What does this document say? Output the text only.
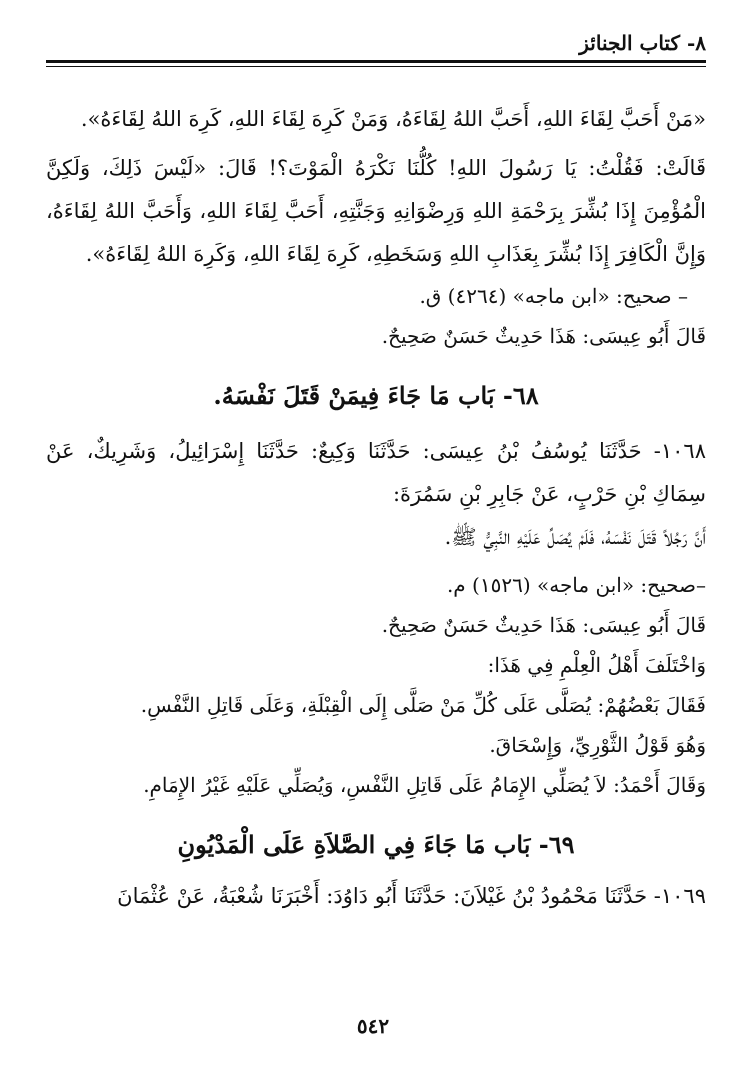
٨- كتاب الجنائز

«مَنْ أَحَبَّ لِقَاءَ اللهِ، أَحَبَّ اللهُ لِقَاءَهُ، وَمَنْ كَرِهَ لِقَاءَ اللهِ، كَرِهَ اللهُ لِقَاءَهُ».

قَالَتْ: فَقُلْتُ: يَا رَسُولَ اللهِ! كُلُّنَا نَكْرَهُ الْمَوْتَ؟! قَالَ: «لَيْسَ ذَلِكَ، وَلَكِنَّ الْمُؤْمِنَ إِذَا بُشِّرَ بِرَحْمَةِ اللهِ وَرِضْوَانِهِ وَجَنَّتِهِ، أَحَبَّ لِقَاءَ اللهِ، وَأَحَبَّ اللهُ لِقَاءَهُ، وَإِنَّ الْكَافِرَ إِذَا بُشِّرَ بِعَذَابِ اللهِ وَسَخَطِهِ، كَرِهَ لِقَاءَ اللهِ، وَكَرِهَ اللهُ لِقَاءَهُ».

– صحيح: «ابن ماجه» (٤٢٦٤) ق.

قَالَ أَبُو عِيسَى: هَذَا حَدِيثٌ حَسَنٌ صَحِيحٌ.

٦٨- بَاب مَا جَاءَ فِيمَنْ قَتَلَ نَفْسَهُ.

١٠٦٨- حَدَّثَنَا يُوسُفُ بْنُ عِيسَى: حَدَّثَنَا وَكِيعٌ: حَدَّثَنَا إِسْرَائِيلُ، وَشَرِيكٌ، عَنْ سِمَاكِ بْنِ حَرْبٍ، عَنْ جَابِرِ بْنِ سَمُرَةَ:

أَنَّ رَجُلاً قَتَلَ نَفْسَهُ، فَلَمْ يُصَلِّ عَلَيْهِ النَّبِيُّ ﷺ.

–صحيح: «ابن ماجه» (١٥٢٦) م.

قَالَ أَبُو عِيسَى: هَذَا حَدِيثٌ حَسَنٌ صَحِيحٌ.

وَاخْتَلَفَ أَهْلُ الْعِلْمِ فِي هَذَا:

فَقَالَ بَعْضُهُمْ: يُصَلَّى عَلَى كُلِّ مَنْ صَلَّى إِلَى الْقِبْلَةِ، وَعَلَى قَاتِلِ النَّفْسِ.

وَهُوَ قَوْلُ الثَّوْرِيِّ، وَإِسْحَاقَ.

وَقَالَ أَحْمَدُ: لاَ يُصَلِّي الإِمَامُ عَلَى قَاتِلِ النَّفْسِ، وَيُصَلِّي عَلَيْهِ غَيْرُ الإِمَامِ.

٦٩- بَاب مَا جَاءَ فِي الصَّلاَةِ عَلَى الْمَدْيُونِ

١٠٦٩- حَدَّثَنَا مَحْمُودُ بْنُ غَيْلاَنَ: حَدَّثَنَا أَبُو دَاوُدَ: أَخْبَرَنَا شُعْبَةُ، عَنْ عُثْمَانَ

٥٤٢
